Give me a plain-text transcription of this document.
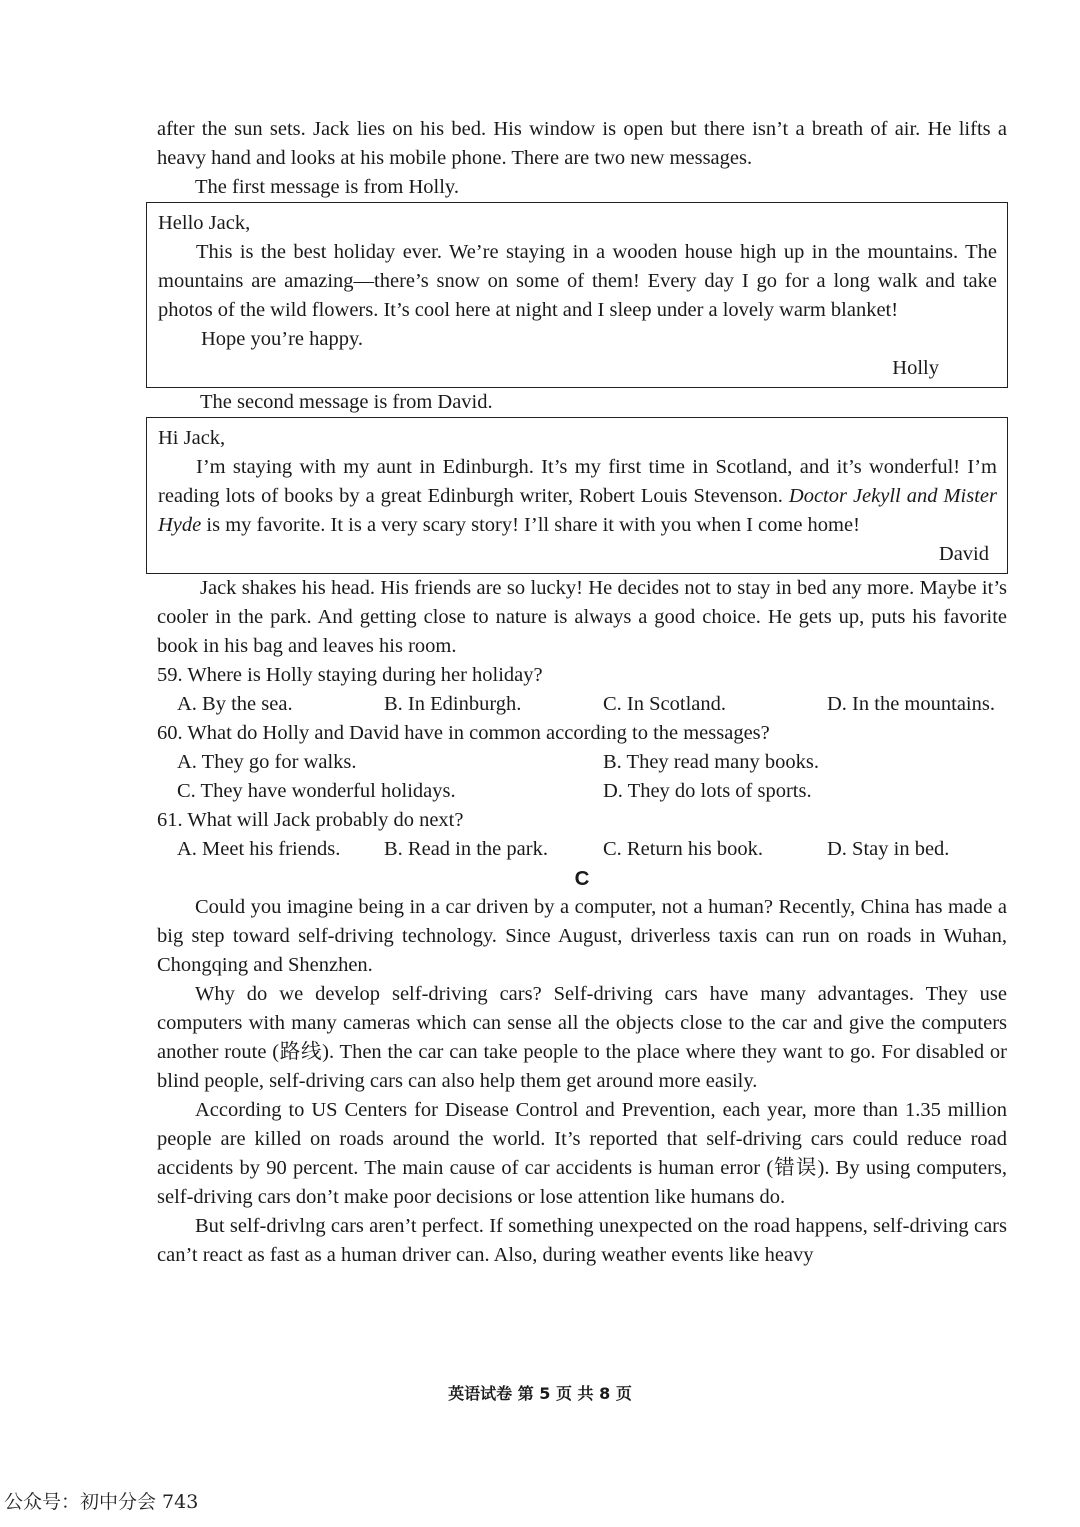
after the sun sets. Jack lies on his bed. His window is open but there isn’t a breath of air. He lifts a heavy hand and looks at his mobile phone. There are two new messages.

The first message is from Holly.

Hello Jack,

This is the best holiday ever. We’re staying in a wooden house high up in the mountains. The mountains are amazing—there’s snow on some of them! Every day I go for a long walk and take photos of the wild flowers. It’s cool here at night and I sleep under a lovely warm blanket!

Hope you’re happy.

Holly

The second message is from David.

Hi Jack,

I’m staying with my aunt in Edinburgh. It’s my first time in Scotland, and it’s wonderful! I’m reading lots of books by a great Edinburgh writer, Robert Louis Stevenson. Doctor Jekyll and Mister Hyde is my favorite. It is a very scary story! I’ll share it with you when I come home!

David

Jack shakes his head. His friends are so lucky! He decides not to stay in bed any more. Maybe it’s cooler in the park. And getting close to nature is always a good choice. He gets up, puts his favorite book in his bag and leaves his room.

59. Where is Holly staying during her holiday?

A. By the sea.	B. In Edinburgh.	C. In Scotland.	D. In the mountains.

60. What do Holly and David have in common according to the messages?

A. They go for walks.	B. They read many books.
C. They have wonderful holidays.	D. They do lots of sports.

61. What will Jack probably do next?

A. Meet his friends.	B. Read in the park.	C. Return his book.	D. Stay in bed.

C

Could you imagine being in a car driven by a computer, not a human? Recently, China has made a big step toward self-driving technology. Since August, driverless taxis can run on roads in Wuhan, Chongqing and Shenzhen.

Why do we develop self-driving cars? Self-driving cars have many advantages. They use computers with many cameras which can sense all the objects close to the car and give the computers another route (路线). Then the car can take people to the place where they want to go. For disabled or blind people, self-driving cars can also help them get around more easily.

According to US Centers for Disease Control and Prevention, each year, more than 1.35 million people are killed on roads around the world. It’s reported that self-driving cars could reduce road accidents by 90 percent. The main cause of car accidents is human error (错误). By using computers, self-driving cars don’t make poor decisions or lose attention like humans do.

But self-drivlng cars aren’t perfect. If something unexpected on the road happens, self-driving cars can’t react as fast as a human driver can. Also, during weather events like heavy

英语试卷 第 5 页 共 8 页
公众号：初中分会 743
